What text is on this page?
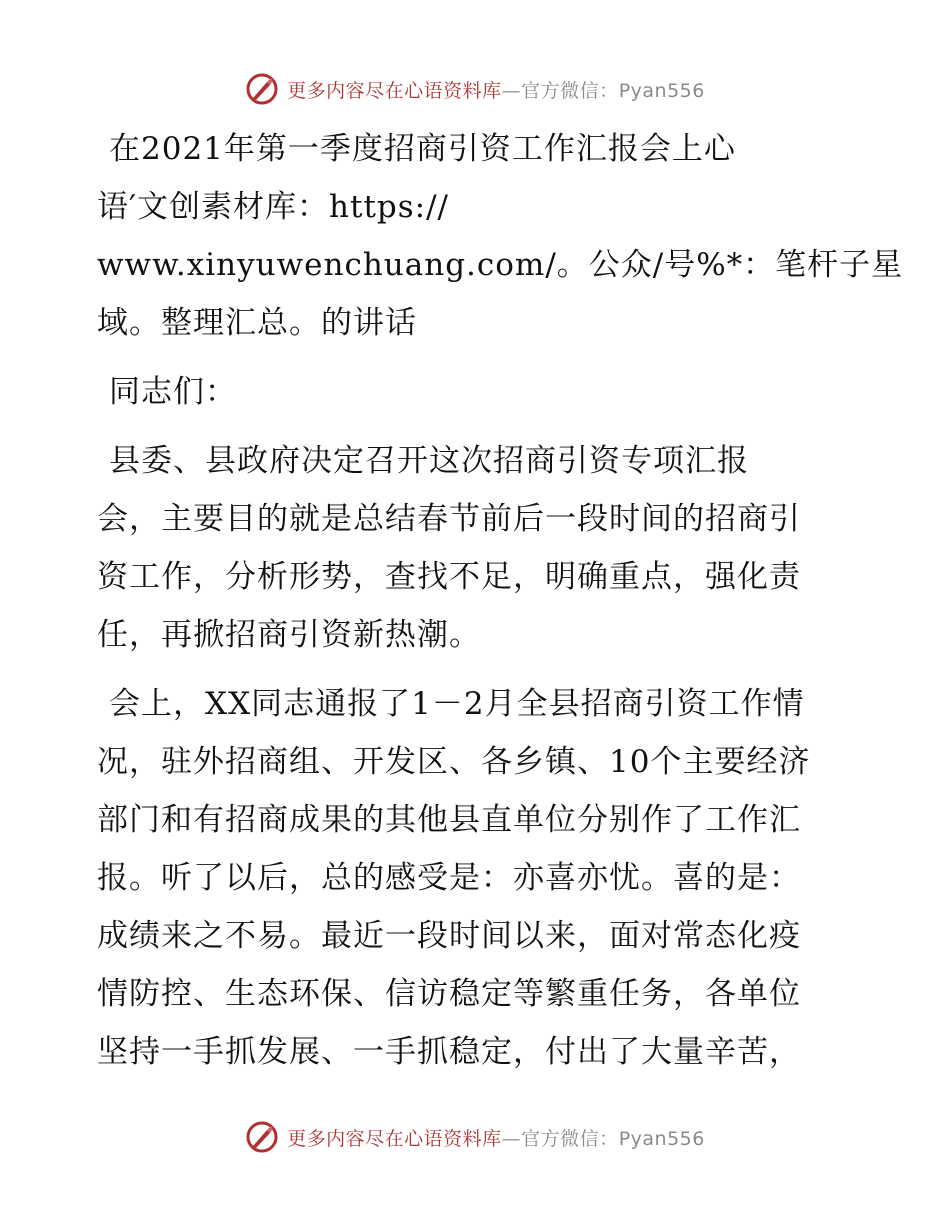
更多内容尽在心语资料库—官方微信：Pyan556
在2021年第一季度招商引资工作汇报会上心
语′文创素材库：https://
www.xinyuwenchuang.com/。公众/号%*：笔杆子星
域。整理汇总。的讲话
同志们：
县委、县政府决定召开这次招商引资专项汇报
会，主要目的就是总结春节前后一段时间的招商引
资工作，分析形势，查找不足，明确重点，强化责
任，再掀招商引资新热潮。
会上，XX同志通报了1－2月全县招商引资工作情
况，驻外招商组、开发区、各乡镇、10个主要经济
部门和有招商成果的其他县直单位分别作了工作汇
报。听了以后，总的感受是：亦喜亦忧。喜的是：
成绩来之不易。最近一段时间以来，面对常态化疫
情防控、生态环保、信访稳定等繁重任务，各单位
坚持一手抓发展、一手抓稳定，付出了大量辛苦，
更多内容尽在心语资料库—官方微信：Pyan556
